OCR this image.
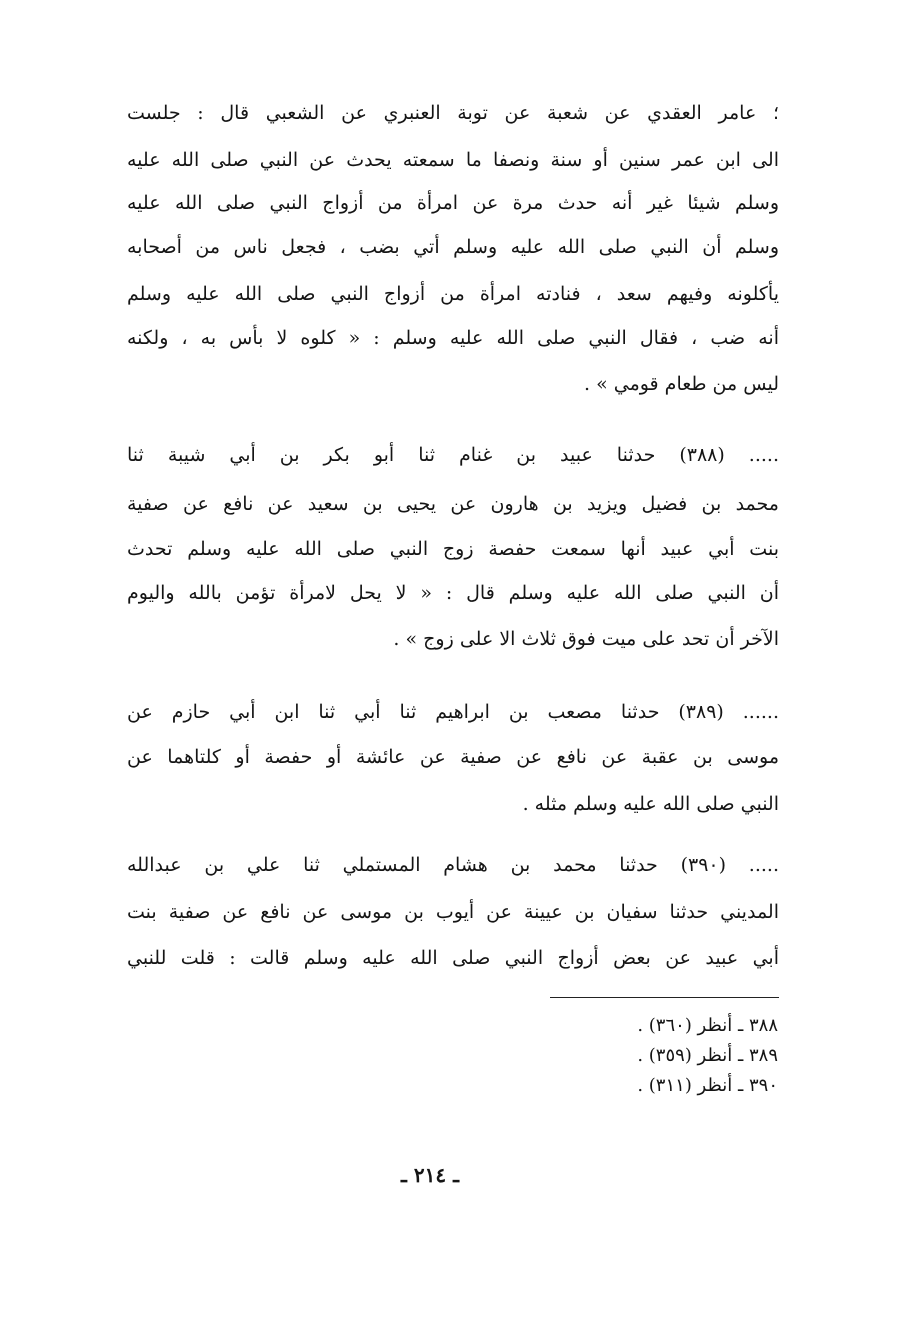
؛ عامر العقدي عن شعبة عن توبة العنبري عن الشعبي قال : جلست
الى ابن عمر سنين أو سنة ونصفا ما سمعته يحدث عن النبي صلى الله عليه
وسلم شيئا غير أنه حدث مرة عن امرأة من أزواج النبي صلى الله عليه
وسلم أن النبي صلى الله عليه وسلم أتي بضب ، فجعل ناس من أصحابه
يأكلونه وفيهم سعد ، فنادته امرأة من أزواج النبي صلى الله عليه وسلم
أنه ضب ، فقال النبي صلى الله عليه وسلم : « كلوه لا بأس به ، ولكنه
ليس من طعام قومي » .
..... (٣٨٨) حدثنا عبيد بن غنام ثنا أبو بكر بن أبي شيبة ثنا
محمد بن فضيل ويزيد بن هارون عن يحيى بن سعيد عن نافع عن صفية
بنت أبي عبيد أنها سمعت حفصة زوج النبي صلى الله عليه وسلم تحدث
أن النبي صلى الله عليه وسلم قال : « لا يحل لامرأة تؤمن بالله واليوم
الآخر أن تحد على ميت فوق ثلاث الا على زوج » .
...... (٣٨٩) حدثنا مصعب بن ابراهيم ثنا أبي ثنا ابن أبي حازم عن
موسى بن عقبة عن نافع عن صفية عن عائشة أو حفصة أو كلتاهما عن
النبي صلى الله عليه وسلم مثله .
..... (٣٩٠) حدثنا محمد بن هشام المستملي ثنا علي بن عبدالله
المديني حدثنا سفيان بن عيينة عن أيوب بن موسى عن نافع عن صفية بنت
أبي عبيد عن بعض أزواج النبي صلى الله عليه وسلم قالت : قلت للنبي
٣٨٨ ـ أنظر (٣٦٠) .
٣٨٩ ـ أنظر (٣٥٩) .
٣٩٠ ـ أنظر (٣١١) .
ـ ٢١٤ ـ
